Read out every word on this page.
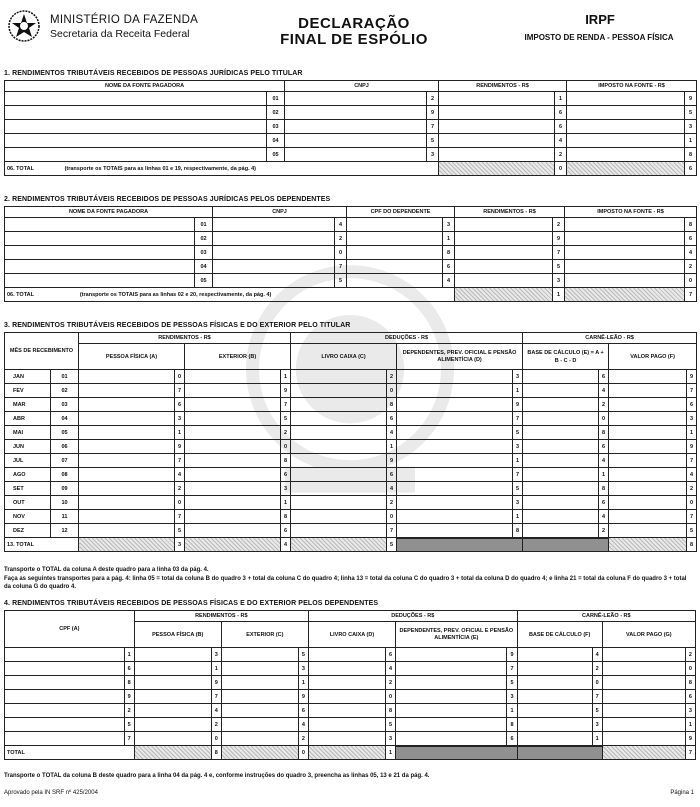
MINISTÉRIO DA FAZENDA
Secretaria da Receita Federal
DECLARAÇÃO
FINAL DE ESPÓLIO
IRPF
IMPOSTO DE RENDA - PESSOA FÍSICA
1. RENDIMENTOS TRIBUTÁVEIS RECEBIDOS DE PESSOAS JURÍDICAS PELO TITULAR
NOME DA FONTE PAGADORA		CNPJ		RENDIMENTOS - R$		IMPOSTO NA FONTE - R$	
	01		2		1		9
	02		9		6		5
	03		7		6		3
	04		5		4		1
	05		3		2		8
06. TOTAL (transporte os TOTAIS para as linhas 01 e 19, respectivamente, da pág. 4)					0		6
2. RENDIMENTOS TRIBUTÁVEIS RECEBIDOS DE PESSOAS JURÍDICAS PELOS DEPENDENTES
NOME DA FONTE PAGADORA		CNPJ		CPF DO DEPENDENTE		RENDIMENTOS - R$		IMPOSTO NA FONTE - R$	
	01		4		3		2		8
	02		2		1		9		6
	03		0		8		7		4
	04		7		6		5		2
	05		5		4		3		0
06. TOTAL (transporte os TOTAIS para as linhas 02 e 20, respectivamente, da pág. 4)							1		7
3. RENDIMENTOS TRIBUTÁVEIS RECEBIDOS DE PESSOAS FÍSICAS E DO EXTERIOR PELO TITULAR
MÊS DE RECEBIMENTO		RENDIMENTOS - R$				DEDUÇÕES - R$				CARNÊ-LEÃO - R$			
		PESSOA FÍSICA (A)		EXTERIOR (B)		LIVRO CAIXA (C)		DEPENDENTES, PREV. OFICIAL E PENSÃO ALIMENTÍCIA (D)		BASE DE CÁLCULO (E) = A + B - C - D		VALOR PAGO (F)	
JAN	01		0		1		2		3		6		9
FEV	02		7		9		0		1		4		7
MAR	03		6		7		8		9		2		6
ABR	04		3		5		6		7		0		3
MAI	05		1		2		4		5		8		1
JUN	06		9		0		1		3		6		9
JUL	07		7		8		9		1		4		7
AGO	08		4		6		6		7		1		4
SET	09		2		3		4		5		8		2
OUT	10		0		1		2		3		6		0
NOV	11		7		8		0		1		4		7
DEZ	12		5		6		7		8		2		5
13. TOTAL			3		4		5						8
Transporte o TOTAL da coluna A deste quadro para a linha 03 da pág. 4.
Faça as seguintes transportes para a pág. 4: linha 05 = total da coluna B do quadro 3 + total da coluna C do quadro 4; linha 13 = total da coluna C do quadro 3 + total da coluna D do quadro 4; e linha 21 = total da coluna F do quadro 3 + total da coluna G do quadro 4.
4. RENDIMENTOS TRIBUTÁVEIS RECEBIDOS DE PESSOAS FÍSICAS E DO EXTERIOR PELOS DEPENDENTES
CPF (A)		RENDIMENTOS - R$				DEDUÇÕES - R$				CARNÊ-LEÃO - R$			
		PESSOA FÍSICA (B)		EXTERIOR (C)		LIVRO CAIXA (D)		DEPENDENTES, PREV. OFICIAL E PENSÃO ALIMENTÍCIA (E)		BASE DE CÁLCULO (F)		VALOR PAGO (G)	
	1		3		5		6		9		4		2
	6		1		3		4		7		2		0
	8		9		1		2		5		0		8
	9		7		9		0		3		7		6
	2		4		6		8		1		5		3
	5		2		4		5		8		3		1
	7		0		2		3		6		1		9
TOTAL			8		0		1						7
Transporte o TOTAL da coluna B deste quadro para a linha 04 da pág. 4 e, conforme instruções do quadro 3, preencha as linhas 05, 13 e 21 da pág. 4.
Aprovado pela IN SRF nº 425/2004	Página 1
